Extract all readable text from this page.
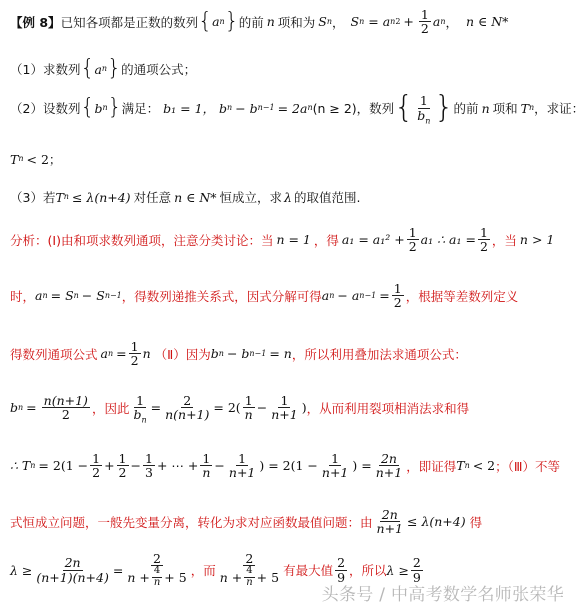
【例 8】 已知各项都是正数的数列 { a n } 的前 n 项和为 S n ， S n = a n $2 + \frac{1}{2}$ a n ， n ∈ N*
（1）求数列 { a n } 的通项公式；
（2）设数列 { b n } 满足： b₁ = 1， b n − b n−1 = 2a n (n ≥ 2)，数列 { $\frac{1}{b_n}$ } 的前 n 项和 T n ，求证：
T n < 2；
（3）若 T n ≤ λ(n+4) 对任意 n ∈ N* 恒成立，求 λ 的取值范围.
分析：(Ⅰ)由和项求数列通项，注意分类讨论：当 n = 1 ，得 $a_1 = a_1^2 + \frac{1}{2} a_1$ ∴ $a_1 = \frac{1}{2}$ ，当 n > 1
时， a n = S n − S n−1 ，得数列递推关系式，因式分解可得 a n − a $n-1 = \frac{1}{2}$ ，根据等差数列定义
得数列通项公式 a $n = \frac{1}{2}$ n （Ⅱ）因为 b n − b n−1 = n ，所以利用叠加法求通项公式：
b $n = \frac{n(n+1)}{2}$ ，因此 $\frac{1}{b_n} = \frac{2}{n(n+1)} = 2( \frac{1}{n} - \frac{1}{n+1}$ ) ，从而利用裂项相消法求和得
∴ T $n = 2(1 - \frac{1}{2} + \frac{1}{2} - \frac{1}{3}$ + ⋯ + $\frac{1}{n} - \frac{1}{n+1}$ ) = $2(1 - \frac{1}{n+1}$ ) = $\frac{2n}{n+1}$ ，即证得 T n < 2 ；（Ⅲ）不等
式恒成立问题，一般先变量分离，转化为求对应函数最值问题：由 $\frac{2n}{n+1} \le \lambda(n+4)$ 得
$\lambda \ge \frac{2n}{(n+1)(n+4)} = \frac{2}{n + \frac{4}{n} + 5}$ ，而 $\frac{2}{n + \frac{4}{n} + 5}$ 有最大值 $\frac{2}{9}$ ，所以 $\lambda \ge \frac{2}{9}$
头条号 / 中高考数学名师张荣华
